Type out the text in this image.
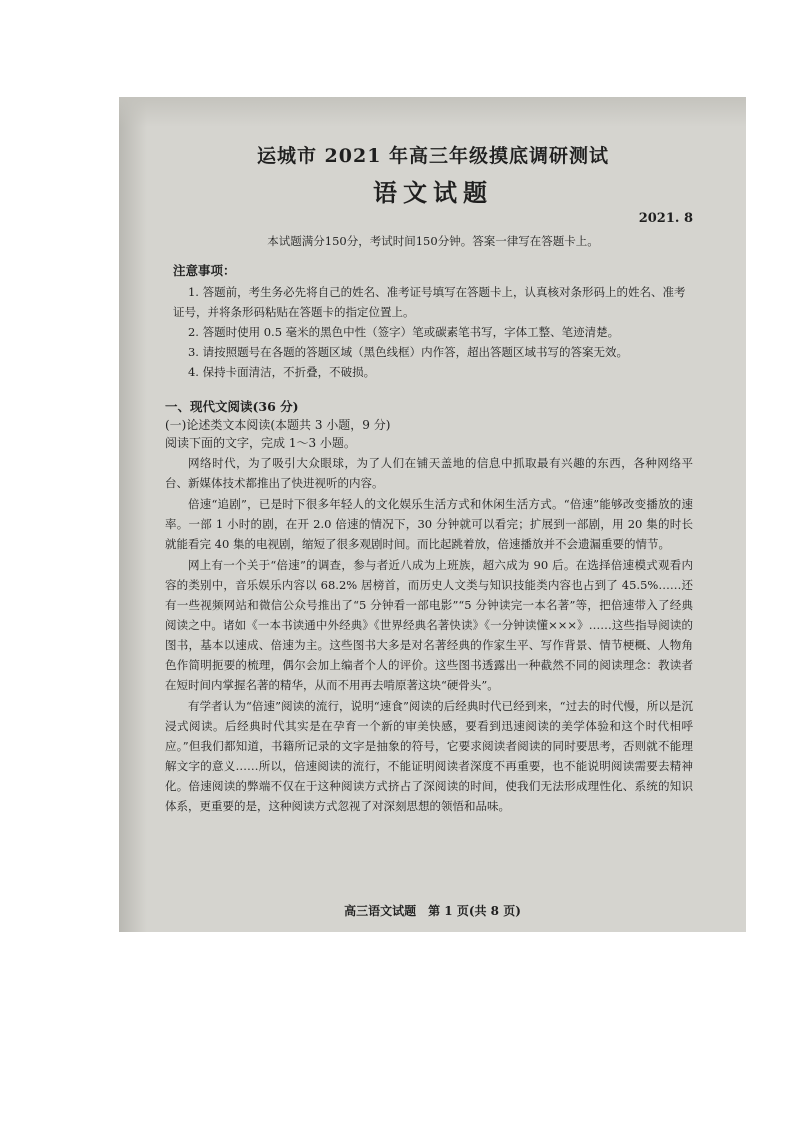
运城市 2021 年高三年级摸底调研测试
语文试题

2021. 8

本试题满分150分，考试时间150分钟。答案一律写在答题卡上。

注意事项：

1. 答题前，考生务必先将自己的姓名、准考证号填写在答题卡上，认真核对条形码上的姓名、准考证号，并将条形码粘贴在答题卡的指定位置上。

2. 答题时使用 0.5 毫米的黑色中性（签字）笔或碳素笔书写，字体工整、笔迹清楚。

3. 请按照题号在各题的答题区域（黑色线框）内作答，超出答题区域书写的答案无效。

4. 保持卡面清洁，不折叠，不破损。

一、现代文阅读(36 分)
(一)论述类文本阅读(本题共 3 小题，9 分)
阅读下面的文字，完成 1～3 小题。

网络时代，为了吸引大众眼球，为了人们在铺天盖地的信息中抓取最有兴趣的东西，各种网络平台、新媒体技术都推出了快进视听的内容。

倍速“追剧”，已是时下很多年轻人的文化娱乐生活方式和休闲生活方式。“倍速”能够改变播放的速率。一部 1 小时的剧，在开 2.0 倍速的情况下，30 分钟就可以看完；扩展到一部剧，用 20 集的时长就能看完 40 集的电视剧，缩短了很多观剧时间。而比起跳着放，倍速播放并不会遗漏重要的情节。

网上有一个关于“倍速”的调查，参与者近八成为上班族，超六成为 90 后。在选择倍速模式观看内容的类别中，音乐娱乐内容以 68.2% 居榜首，而历史人文类与知识技能类内容也占到了 45.5%……还有一些视频网站和微信公众号推出了“5 分钟看一部电影”“5 分钟读完一本名著”等，把倍速带入了经典阅读之中。诸如《一本书读通中外经典》《世界经典名著快读》《一分钟读懂×××》……这些指导阅读的图书，基本以速成、倍速为主。这些图书大多是对名著经典的作家生平、写作背景、情节梗概、人物角色作简明扼要的梳理，偶尔会加上编者个人的评价。这些图书透露出一种截然不同的阅读理念：教读者在短时间内掌握名著的精华，从而不用再去啃原著这块“硬骨头”。

有学者认为“倍速”阅读的流行，说明“速食”阅读的后经典时代已经到来，“过去的时代慢，所以是沉浸式阅读。后经典时代其实是在孕育一个新的审美快感，要看到迅速阅读的美学体验和这个时代相呼应。”但我们都知道，书籍所记录的文字是抽象的符号，它要求阅读者阅读的同时要思考，否则就不能理解文字的意义……所以，倍速阅读的流行，不能证明阅读者深度不再重要，也不能说明阅读需要去精神化。倍速阅读的弊端不仅在于这种阅读方式挤占了深阅读的时间，使我们无法形成理性化、系统的知识体系，更重要的是，这种阅读方式忽视了对深刻思想的领悟和品味。

高三语文试题　第 1 页(共 8 页)
